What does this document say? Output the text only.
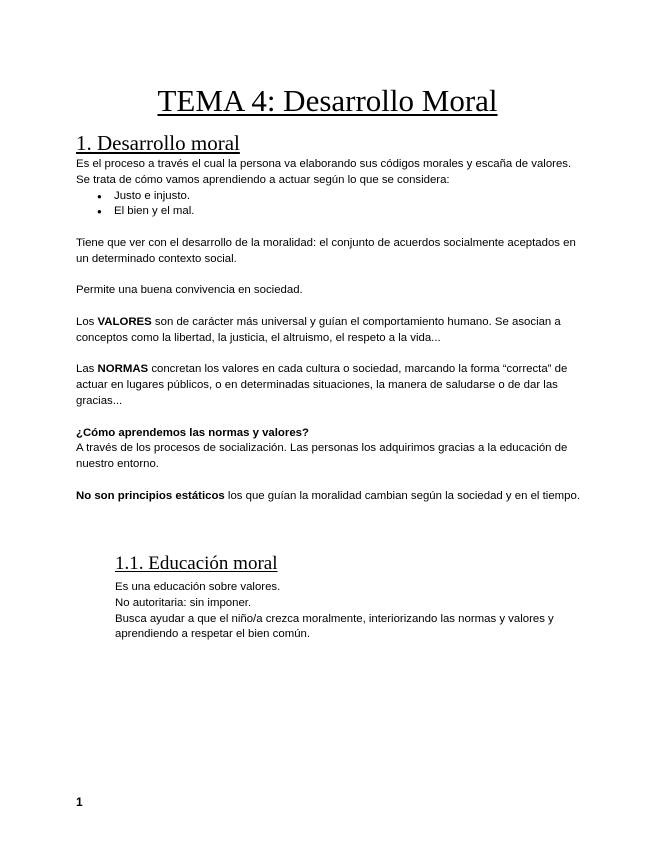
TEMA 4: Desarrollo Moral
1. Desarrollo moral

Es el proceso a través el cual la persona va elaborando sus códigos morales y escaña de valores.

Se trata de cómo vamos aprendiendo a actuar según lo que se considera:

● Justo e injusto.
● El bien y el mal.

Tiene que ver con el desarrollo de la moralidad: el conjunto de acuerdos socialmente aceptados en un determinado contexto social.

Permite una buena convivencia en sociedad.

Los VALORES son de carácter más universal y guían el comportamiento humano. Se asocian a conceptos como la libertad, la justicia, el altruismo, el respeto a la vida...

Las NORMAS concretan los valores en cada cultura o sociedad, marcando la forma “correcta” de actuar en lugares públicos, o en determinadas situaciones, la manera de saludarse o de dar las gracias...

¿Cómo aprendemos las normas y valores?

A través de los procesos de socialización. Las personas los adquirimos gracias a la educación de nuestro entorno.

No son principios estáticos los que guían la moralidad cambian según la sociedad y en el tiempo.

1.1. Educación moral

Es una educación sobre valores.

No autoritaria: sin imponer.

Busca ayudar a que el niño/a crezca moralmente, interiorizando las normas y valores y aprendiendo a respetar el bien común.

1
